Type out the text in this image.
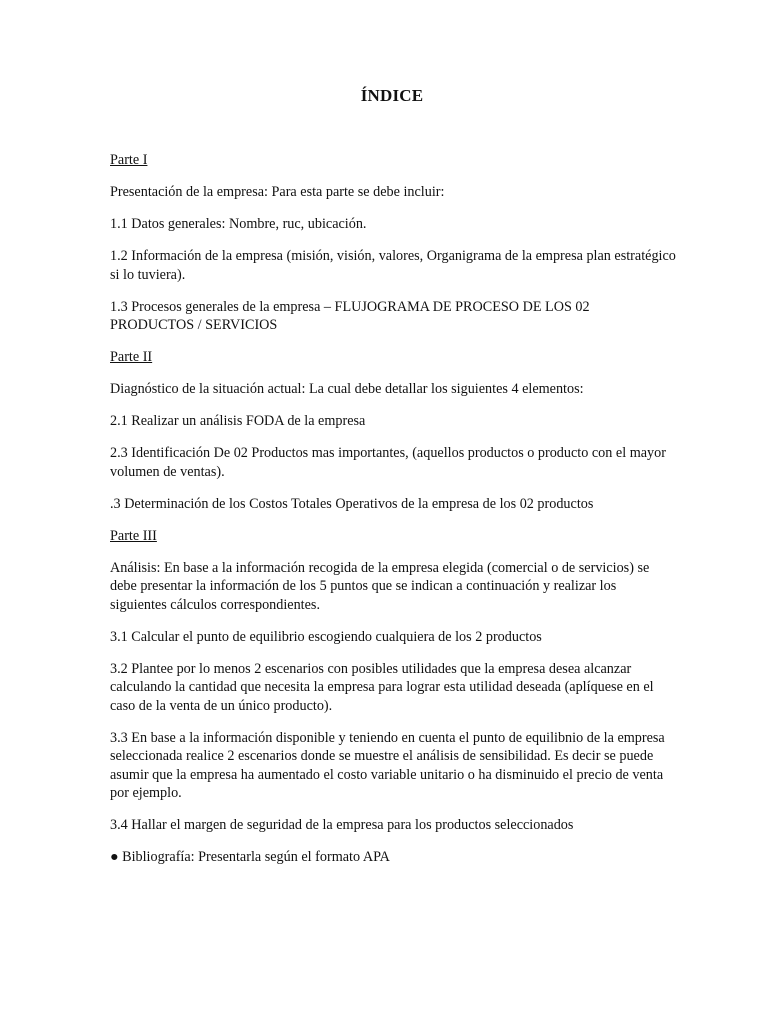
ÍNDICE

Parte I

Presentación de la empresa: Para esta parte se debe incluir:

1.1 Datos generales: Nombre, ruc, ubicación.

1.2 Información de la empresa (misión, visión, valores, Organigrama de la empresa plan estratégico si lo tuviera).

1.3 Procesos generales de la empresa – FLUJOGRAMA DE PROCESO DE LOS 02 PRODUCTOS / SERVICIOS

Parte II

Diagnóstico de la situación actual: La cual debe detallar los siguientes 4 elementos:

2.1 Realizar un análisis FODA de la empresa

2.3 Identificación De 02 Productos mas importantes, (aquellos productos o producto con el mayor volumen de ventas).

.3 Determinación de los Costos Totales Operativos de la empresa de los 02 productos

Parte III

Análisis: En base a la información recogida de la empresa elegida (comercial o de servicios) se debe presentar la información de los 5 puntos que se indican a continuación y realizar los siguientes cálculos correspondientes.

3.1 Calcular el punto de equilibrio escogiendo cualquiera de los 2 productos

3.2 Plantee por lo menos 2 escenarios con posibles utilidades que la empresa desea alcanzar calculando la cantidad que necesita la empresa para lograr esta utilidad deseada (aplíquese en el caso de la venta de un único producto).

3.3 En base a la información disponible y teniendo en cuenta el punto de equilibnio de la empresa seleccionada realice 2 escenarios donde se muestre el análisis de sensibilidad. Es decir se puede asumir que la empresa ha aumentado el costo variable unitario o ha disminuido el precio de venta por ejemplo.

3.4 Hallar el margen de seguridad de la empresa para los productos seleccionados

● Bibliografía: Presentarla según el formato APA
